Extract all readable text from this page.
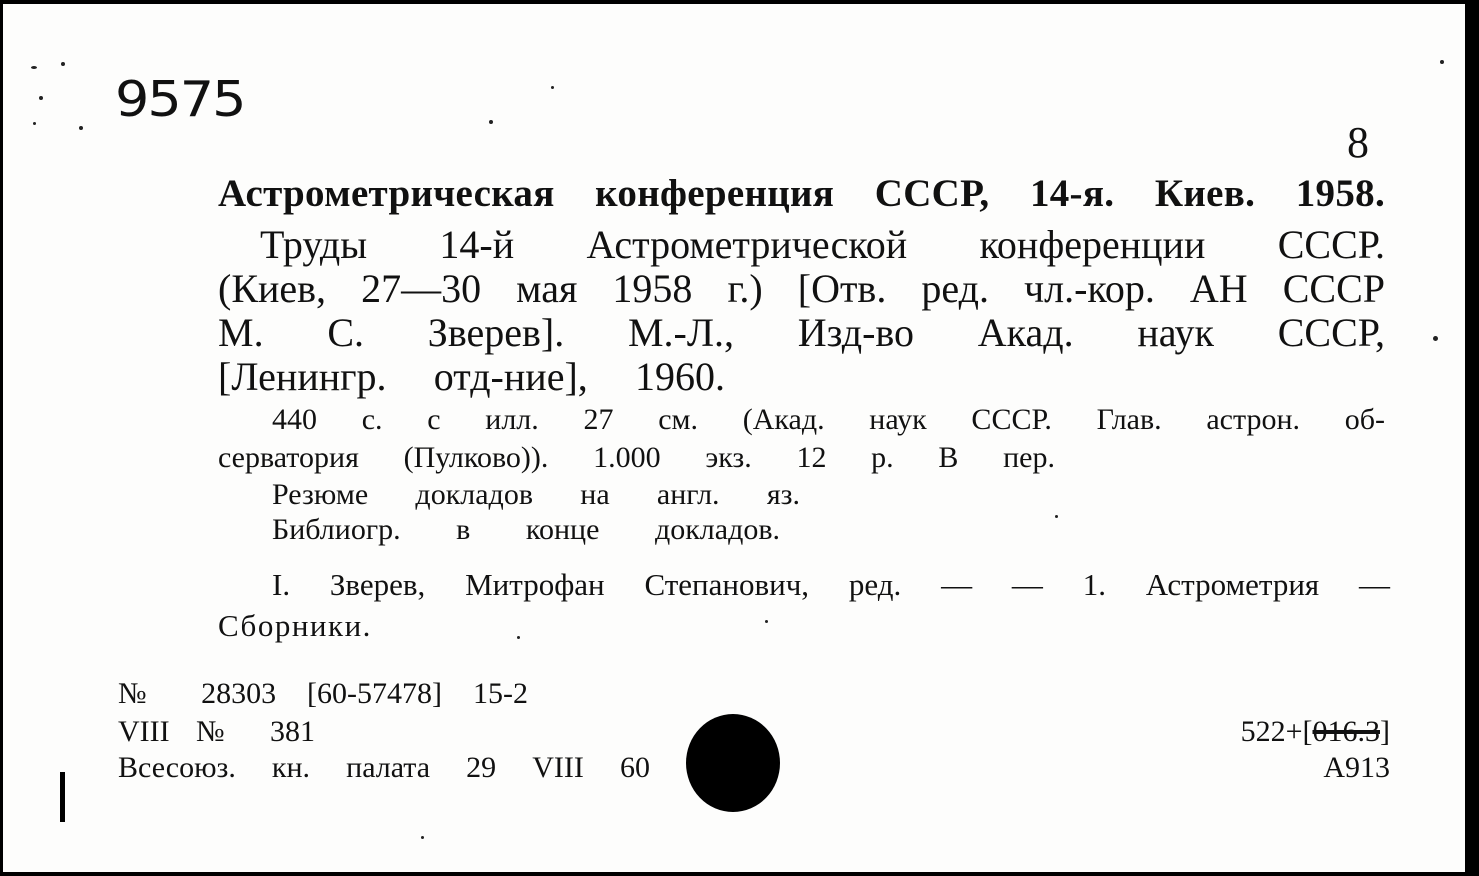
9575

8

Астрометрическая конференция СССР, 14-я. Киев. 1958.

Труды 14-й Астрометрической конференции СССР.

(Киев, 27—30 мая 1958 г.) [Отв. ред. чл.-кор. АН СССР

М. С. Зверев]. М.-Л., Изд-во Акад. наук СССР,

[Ленингр. отд-ние], 1960.

440 с. с илл. 27 см. (Акад. наук СССР. Глав. астрон. об-

серватория (Пулково)). 1.000 экз. 12 р. В пер.

Резюме докладов на англ. яз.

Библиогр. в конце докладов.

I. Зверев, Митрофан Степанович, ред. — — 1. Астрометрия —

Сборники.

№ 28303 [60-57478] 15-2

VIII № 381

Всесоюз. кн. палата 29 VIII 60

522+[016.3]

А913
